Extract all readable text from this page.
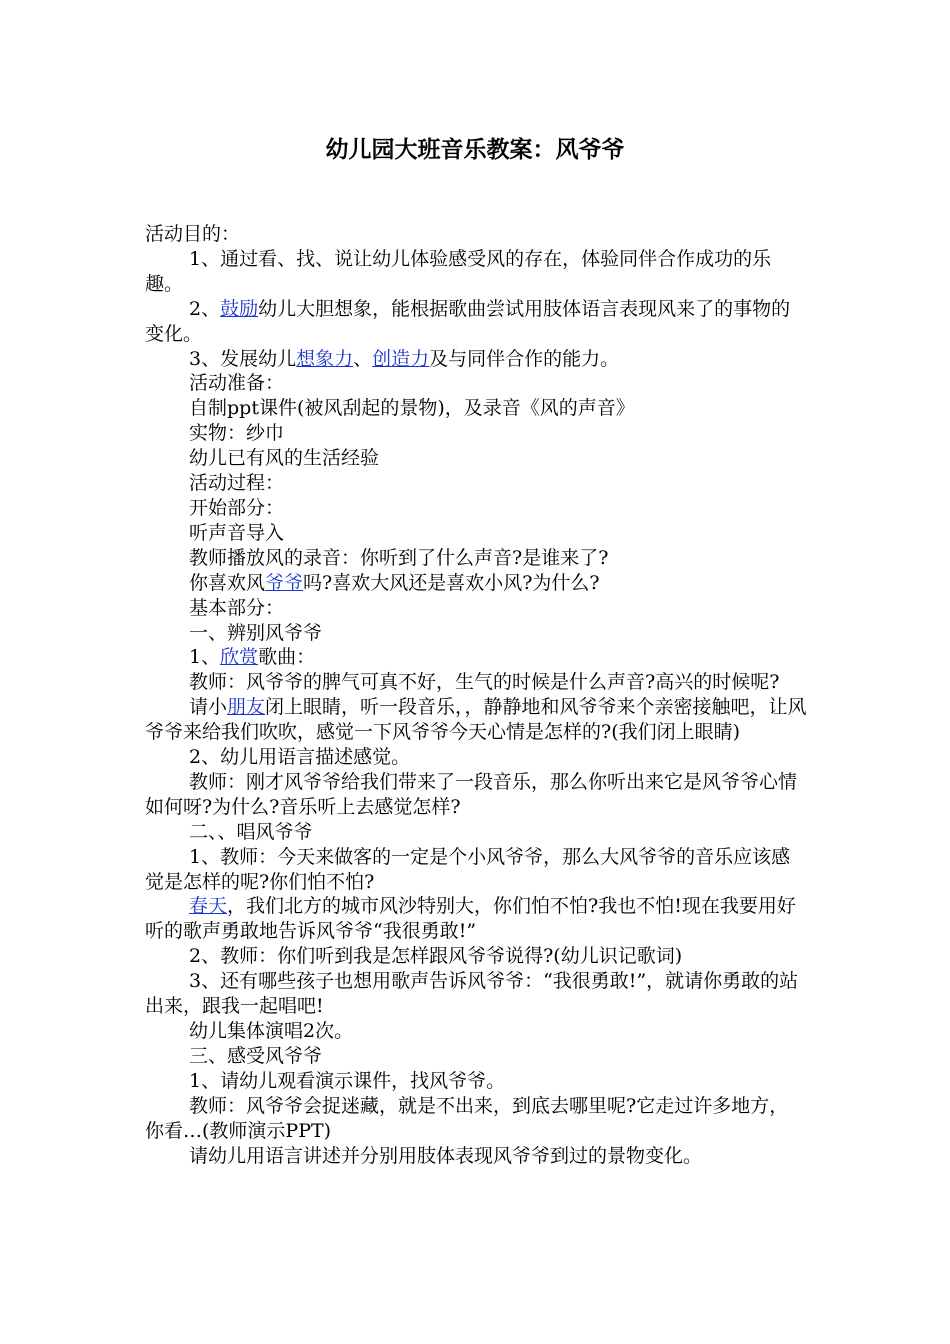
幼儿园大班音乐教案：风爷爷

活动目的：

1、通过看、找、说让幼儿体验感受风的存在，体验同伴合作成功的乐趣。

2、鼓励幼儿大胆想象，能根据歌曲尝试用肢体语言表现风来了的事物的变化。

3、发展幼儿想象力、创造力及与同伴合作的能力。

活动准备：

自制ppt课件(被风刮起的景物)，及录音《风的声音》

实物：纱巾

幼儿已有风的生活经验

活动过程：

开始部分：

听声音导入

教师播放风的录音：你听到了什么声音?是谁来了?

你喜欢风爷爷吗?喜欢大风还是喜欢小风?为什么?

基本部分：

一、辨别风爷爷

1、欣赏歌曲：

教师：风爷爷的脾气可真不好，生气的时候是什么声音?高兴的时候呢?

请小朋友闭上眼睛，听一段音乐，，静静地和风爷爷来个亲密接触吧，让风爷爷来给我们吹吹，感觉一下风爷爷今天心情是怎样的?(我们闭上眼睛)

2、幼儿用语言描述感觉。

教师：刚才风爷爷给我们带来了一段音乐，那么你听出来它是风爷爷心情如何呀?为什么?音乐听上去感觉怎样?

二、、唱风爷爷

1、教师：今天来做客的一定是个小风爷爷，那么大风爷爷的音乐应该感觉是怎样的呢?你们怕不怕?

春天，我们北方的城市风沙特别大，你们怕不怕?我也不怕!现在我要用好听的歌声勇敢地告诉风爷爷“我很勇敢!”

2、教师：你们听到我是怎样跟风爷爷说得?(幼儿识记歌词)

3、还有哪些孩子也想用歌声告诉风爷爷：“我很勇敢!”，就请你勇敢的站出来，跟我一起唱吧!

幼儿集体演唱2次。

三、感受风爷爷

1、请幼儿观看演示课件，找风爷爷。

教师：风爷爷会捉迷藏，就是不出来，到底去哪里呢?它走过许多地方，你看…(教师演示PPT)

请幼儿用语言讲述并分别用肢体表现风爷爷到过的景物变化。
